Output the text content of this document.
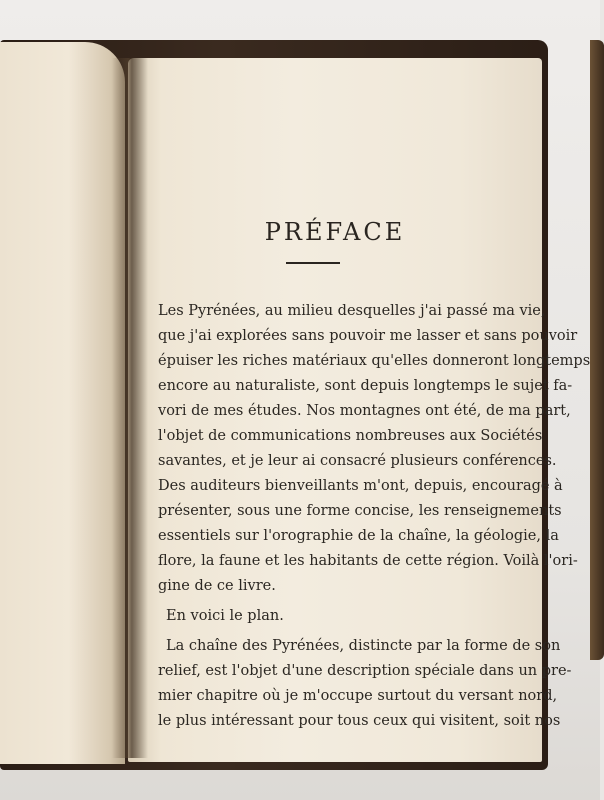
PRÉFACE
Les Pyrénées, au milieu desquelles j'ai passé ma vie,
que j'ai explorées sans pouvoir me lasser et sans pouvoir
épuiser les riches matériaux qu'elles donneront longtemps
encore au naturaliste, sont depuis longtemps le sujet fa-
vori de mes études. Nos montagnes ont été, de ma part,
l'objet de communications nombreuses aux Sociétés
savantes, et je leur ai consacré plusieurs conférences.
Des auditeurs bienveillants m'ont, depuis, encouragé à
présenter, sous une forme concise, les renseignements
essentiels sur l'orographie de la chaîne, la géologie, la
flore, la faune et les habitants de cette région. Voilà l'ori-
gine de ce livre.
En voici le plan.
La chaîne des Pyrénées, distincte par la forme de son
relief, est l'objet d'une description spéciale dans un pre-
mier chapitre où je m'occupe surtout du versant nord,
le plus intéressant pour tous ceux qui visitent, soit nos
